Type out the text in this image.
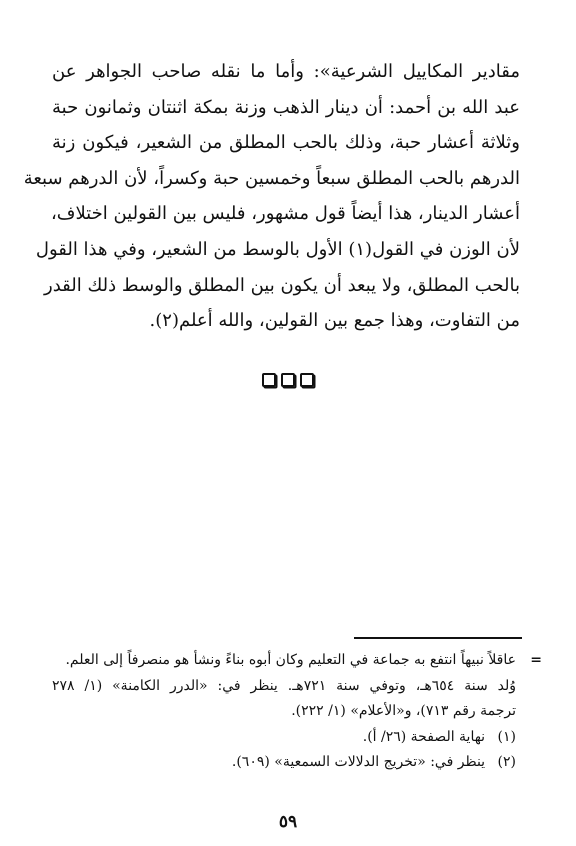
مقادير المكاييل الشرعية»: وأما ما نقله صاحب الجواهر عن
عبد الله بن أحمد: أن دينار الذهب وزنة بمكة اثنتان وثمانون حبة
وثلاثة أعشار حبة، وذلك بالحب المطلق من الشعير، فيكون زنة
الدرهم بالحب المطلق سبعاً وخمسين حبة وكسراً، لأن الدرهم سبعة
أعشار الدينار، هذا أيضاً قول مشهور، فليس بين القولين اختلاف،
لأن الوزن في القول(١) الأول بالوسط من الشعير، وفي هذا القول
بالحب المطلق، ولا يبعد أن يكون بين المطلق والوسط ذلك القدر
من التفاوت، وهذا جمع بين القولين، والله أعلم(٢).
=
عاقلاً نبيهاً انتفع به جماعة في التعليم وكان أبوه بناءً ونشأ هو منصرفاً إلى العلم.
وُلد سنة ٦٥٤هـ، وتوفي سنة ٧٢١هـ. ينظر في: «الدرر الكامنة» (١/ ٢٧٨
ترجمة رقم ٧١٣)، و«الأعلام» (١/ ٢٢٢).
(١) نهاية الصفحة (٢٦/ أ).
(٢) ينظر في: «تخريج الدلالات السمعية» (٦٠٩).
٥٩
